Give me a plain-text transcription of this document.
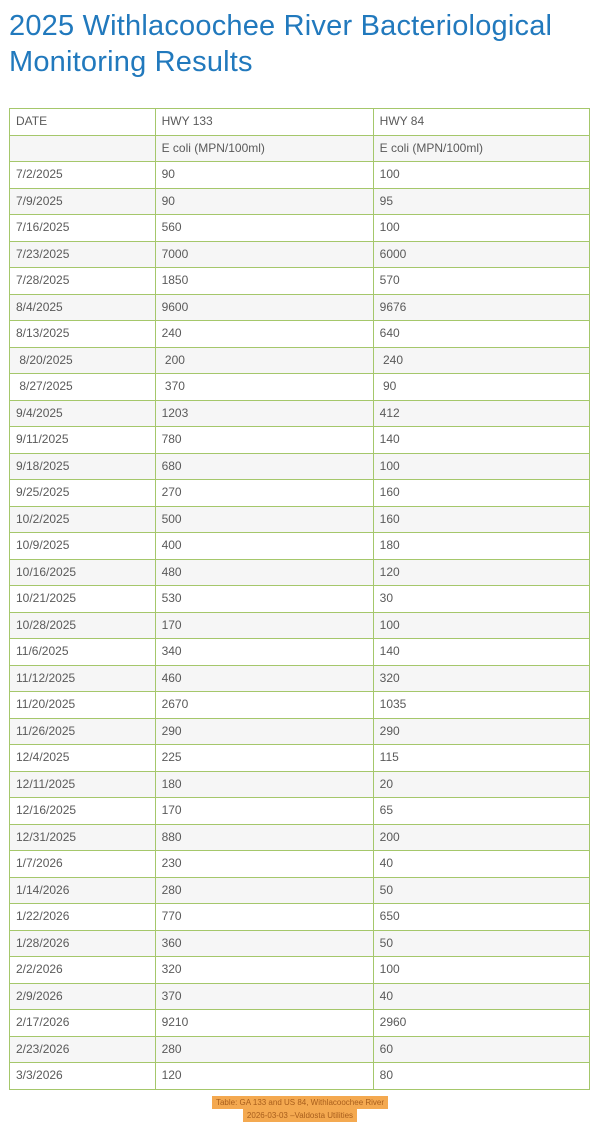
2025 Withlacoochee River Bacteriological
Monitoring Results
DATE	HWY 133	HWY 84
	E coli (MPN/100ml)	E coli (MPN/100ml)
7/2/2025	90	100
7/9/2025	90	95
7/16/2025	560	100
7/23/2025	7000	6000
7/28/2025	1850	570
8/4/2025	9600	9676
8/13/2025	240	640
8/20/2025	200	240
8/27/2025	370	90
9/4/2025	1203	412
9/11/2025	780	140
9/18/2025	680	100
9/25/2025	270	160
10/2/2025	500	160
10/9/2025	400	180
10/16/2025	480	120
10/21/2025	530	30
10/28/2025	170	100
11/6/2025	340	140
11/12/2025	460	320
11/20/2025	2670	1035
11/26/2025	290	290
12/4/2025	225	115
12/11/2025	180	20
12/16/2025	170	65
12/31/2025	880	200
1/7/2026	230	40
1/14/2026	280	50
1/22/2026	770	650
1/28/2026	360	50
2/2/2026	320	100
2/9/2026	370	40
2/17/2026	9210	2960
2/23/2026	280	60
3/3/2026	120	80
Table: GA 133 and US 84, Withlacoochee River
2026-03-03 –Valdosta Utilities
